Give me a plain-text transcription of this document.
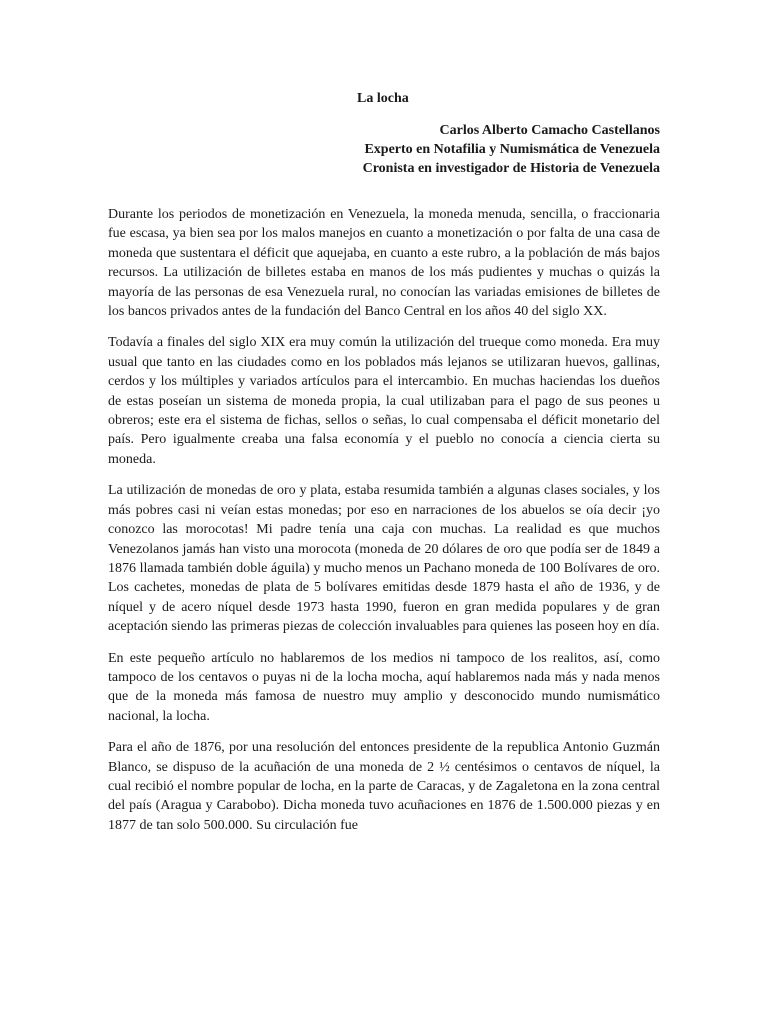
La locha
Carlos Alberto Camacho Castellanos
Experto en Notafilia y Numismática de Venezuela
Cronista en investigador de Historia de Venezuela

Durante los periodos de monetización en Venezuela, la moneda menuda, sencilla, o fraccionaria fue escasa, ya bien sea por los malos manejos en cuanto a monetización o por falta de una casa de moneda que sustentara el déficit que aquejaba, en cuanto a este rubro, a la población de más bajos recursos. La utilización de billetes estaba en manos de los más pudientes y muchas o quizás la mayoría de las personas de esa Venezuela rural, no conocían las variadas emisiones de billetes de los bancos privados antes de la fundación del Banco Central en los años 40 del siglo XX.

Todavía a finales del siglo XIX era muy común la utilización del trueque como moneda. Era muy usual que tanto en las ciudades como en los poblados más lejanos se utilizaran huevos, gallinas, cerdos y los múltiples y variados artículos para el intercambio. En muchas haciendas los dueños de estas poseían un sistema de moneda propia, la cual utilizaban para el pago de sus peones u obreros; este era el sistema de fichas, sellos o señas, lo cual compensaba el déficit monetario del país. Pero igualmente creaba una falsa economía y el pueblo no conocía a ciencia cierta su moneda.

La utilización de monedas de oro y plata, estaba resumida también a algunas clases sociales, y los más pobres casi ni veían estas monedas; por eso en narraciones de los abuelos se oía decir ¡yo conozco las morocotas! Mi padre tenía una caja con muchas. La realidad es que muchos Venezolanos jamás han visto una morocota (moneda de 20 dólares de oro que podía ser de 1849 a 1876 llamada también doble águila) y mucho menos un Pachano moneda de 100 Bolívares de oro. Los cachetes, monedas de plata de 5 bolívares emitidas desde 1879 hasta el año de 1936, y de níquel y de acero níquel desde 1973 hasta 1990, fueron en gran medida populares y de gran aceptación siendo las primeras piezas de colección invaluables para quienes las poseen hoy en día.

En este pequeño artículo no hablaremos de los medios ni tampoco de los realitos, así, como tampoco de los centavos o puyas ni de la locha mocha, aquí hablaremos nada más y nada menos que de la moneda más famosa de nuestro muy amplio y desconocido mundo numismático nacional, la locha.

Para el año de 1876, por una resolución del entonces presidente de la republica Antonio Guzmán Blanco, se dispuso de la acuñación de una moneda de 2 ½ centésimos o centavos de níquel, la cual recibió el nombre popular de locha, en la parte de Caracas, y de Zagaletona en la zona central del país (Aragua y Carabobo). Dicha moneda tuvo acuñaciones en 1876 de 1.500.000 piezas y en 1877 de tan solo 500.000. Su circulación fue
